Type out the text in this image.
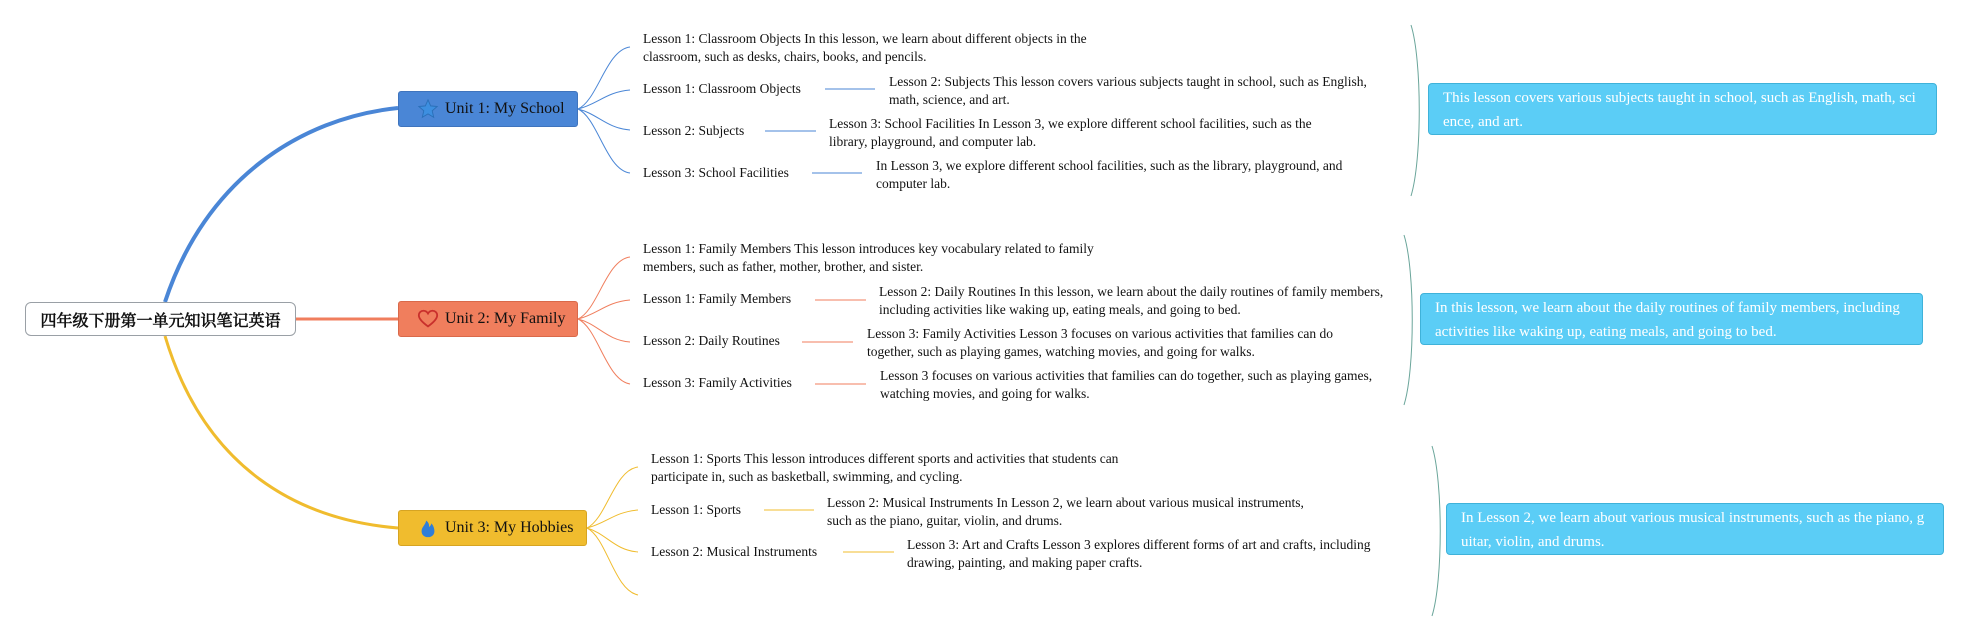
四年级下册第一单元知识笔记英语
Unit 1: My School
Lesson 1: Classroom Objects In this lesson, we learn about different objects in the classroom, such as desks, chairs, books, and pencils.
Lesson 1: Classroom Objects
Lesson 2: Subjects
Lesson 3: School Facilities
Lesson 2: Subjects This lesson covers various subjects taught in school, such as English, math, science, and art.
Lesson 3: School Facilities In Lesson 3, we explore different school facilities, such as the library, playground, and computer lab.
In Lesson 3, we explore different school facilities, such as the library, playground, and computer lab.
This lesson covers various subjects taught in school, such as English, math, science, and art.
Unit 2: My Family
Lesson 1: Family Members This lesson introduces key vocabulary related to family members, such as father, mother, brother, and sister.
Lesson 1: Family Members
Lesson 2: Daily Routines
Lesson 3: Family Activities
Lesson 2: Daily Routines In this lesson, we learn about the daily routines of family members, including activities like waking up, eating meals, and going to bed.
Lesson 3: Family Activities Lesson 3 focuses on various activities that families can do together, such as playing games, watching movies, and going for walks.
Lesson 3 focuses on various activities that families can do together, such as playing games, watching movies, and going for walks.
In this lesson, we learn about the daily routines of family members, including activities like waking up, eating meals, and going to bed.
Unit 3: My Hobbies
Lesson 1: Sports This lesson introduces different sports and activities that students can participate in, such as basketball, swimming, and cycling.
Lesson 1: Sports
Lesson 2: Musical Instruments
Lesson 2: Musical Instruments In Lesson 2, we learn about various musical instruments, such as the piano, guitar, violin, and drums.
Lesson 3: Art and Crafts Lesson 3 explores different forms of art and crafts, including drawing, painting, and making paper crafts.
In Lesson 2, we learn about various musical instruments, such as the piano, guitar, violin, and drums.
